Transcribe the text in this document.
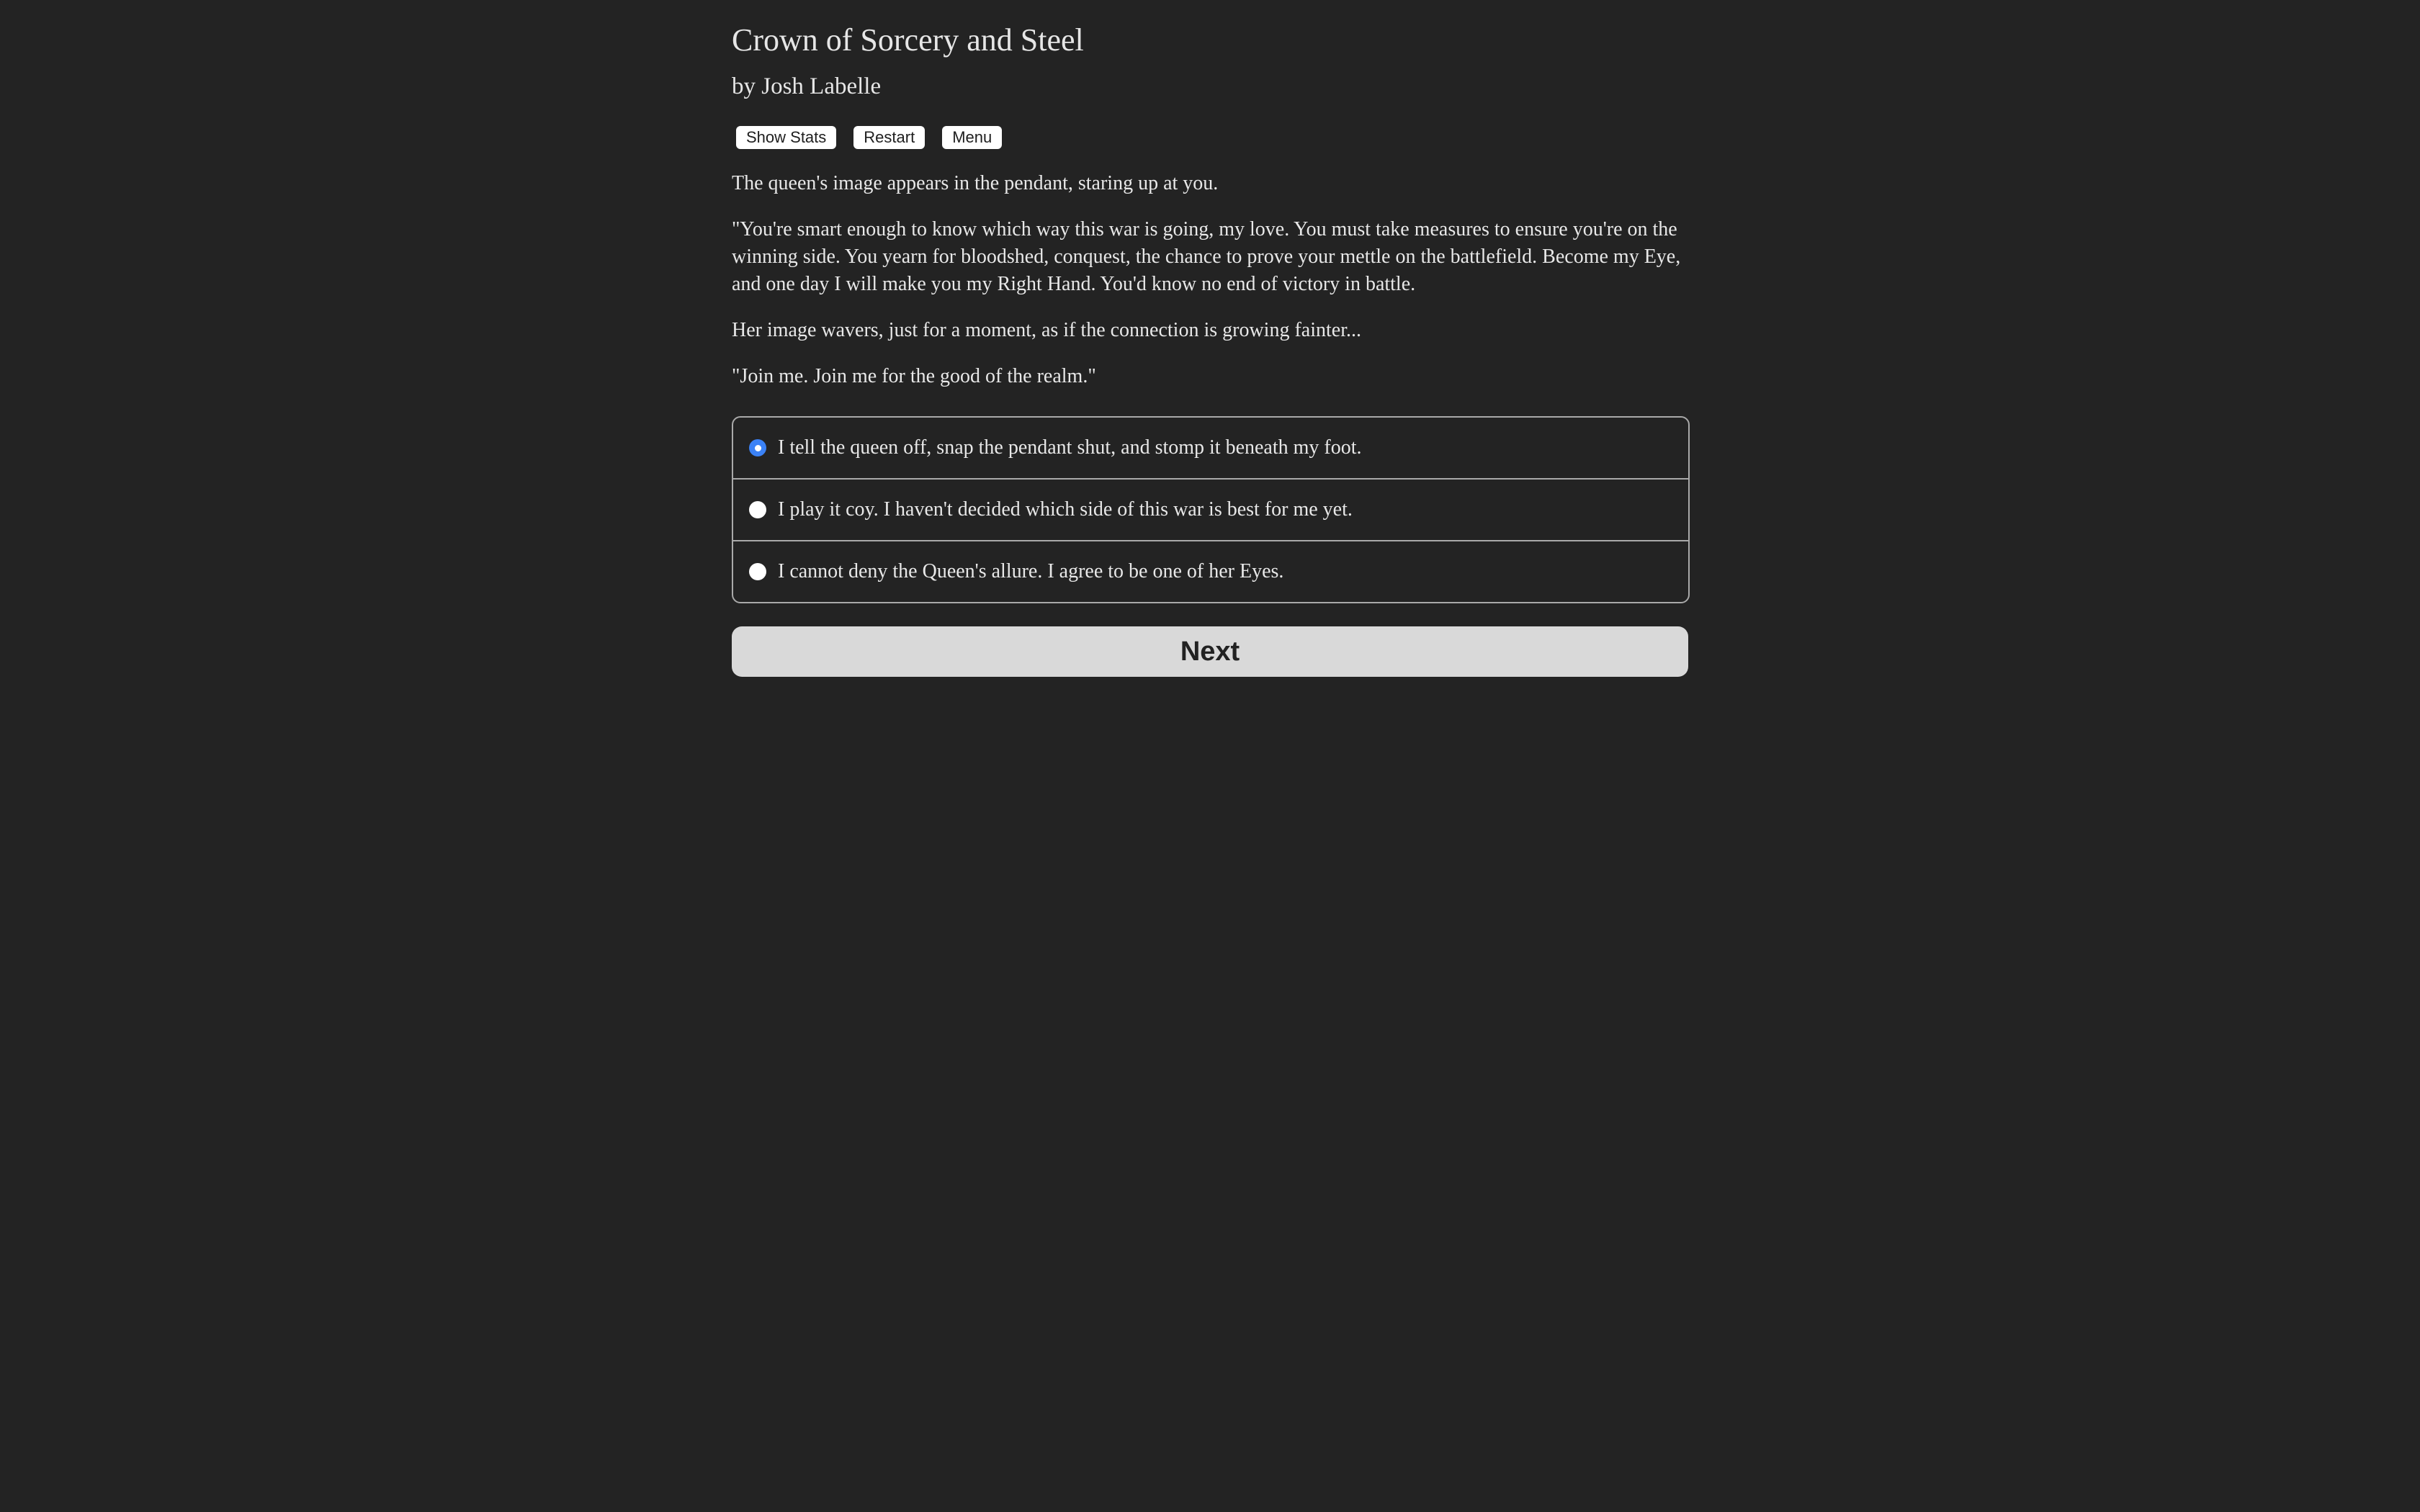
Crown of Sorcery and Steel
by Josh Labelle
Show Stats	Restart	Menu

The queen's image appears in the pendant, staring up at you.

"You're smart enough to know which way this war is going, my love. You must take measures to ensure you're on the winning side. You yearn for bloodshed, conquest, the chance to prove your mettle on the battlefield. Become my Eye, and one day I will make you my Right Hand. You'd know no end of victory in battle.

Her image wavers, just for a moment, as if the connection is growing fainter...

"Join me. Join me for the good of the realm."

I tell the queen off, snap the pendant shut, and stomp it beneath my foot.
I play it coy. I haven't decided which side of this war is best for me yet.
I cannot deny the Queen's allure. I agree to be one of her Eyes.
Next
